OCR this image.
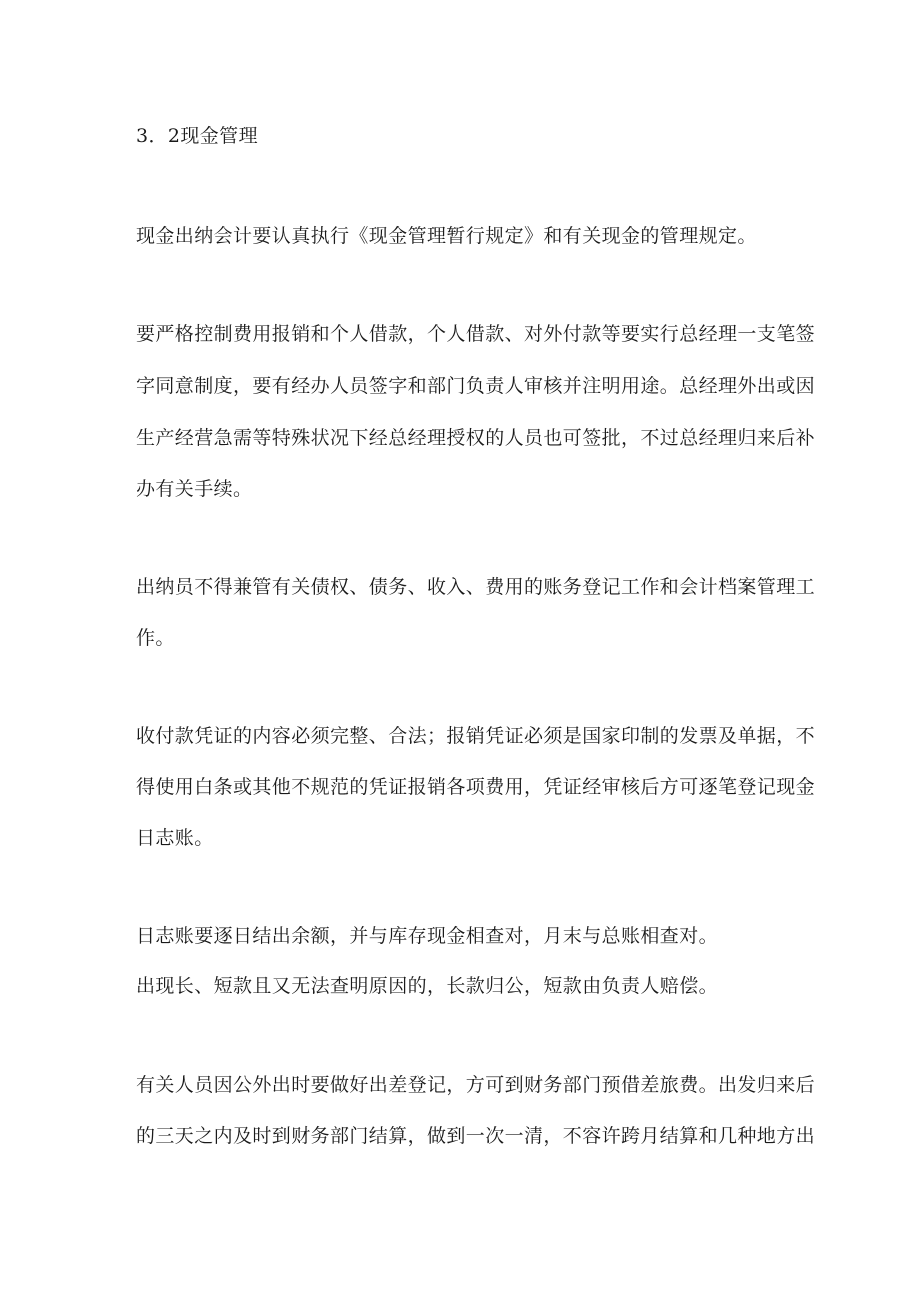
3．2现金管理
现金出纳会计要认真执行《现金管理暂行规定》和有关现金的管理规定。
要严格控制费用报销和个人借款，个人借款、对外付款等要实行总经理一支笔签
字同意制度，要有经办人员签字和部门负责人审核并注明用途。总经理外出或因
生产经营急需等特殊状况下经总经理授权的人员也可签批，不过总经理归来后补
办有关手续。
出纳员不得兼管有关债权、债务、收入、费用的账务登记工作和会计档案管理工
作。
收付款凭证的内容必须完整、合法；报销凭证必须是国家印制的发票及单据，不
得使用白条或其他不规范的凭证报销各项费用，凭证经审核后方可逐笔登记现金
日志账。
日志账要逐日结出余额，并与库存现金相查对，月末与总账相查对。
出现长、短款且又无法查明原因的，长款归公，短款由负责人赔偿。
有关人员因公外出时要做好出差登记，方可到财务部门预借差旅费。出发归来后
的三天之内及时到财务部门结算，做到一次一清，不容许跨月结算和几种地方出
